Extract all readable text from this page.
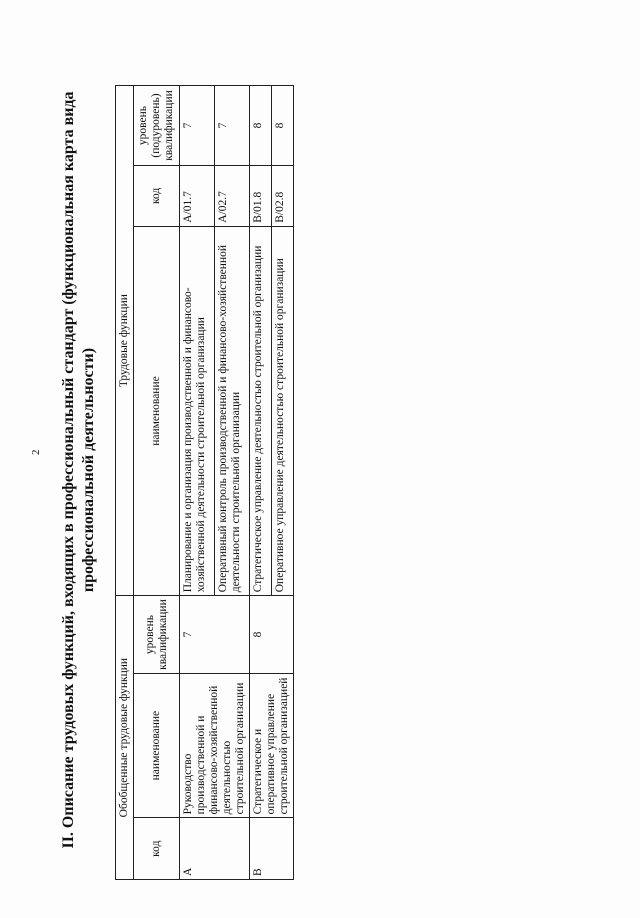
2 II. Описание трудовых функций, входящих в профессиональный стандарт (функциональная карта вида профессиональной деятельности)
Обобщенные трудовые функции			Трудовые функции		
код	наименование	уровень квалификации	наименование	код	уровень (подуровень) квалификации
A	Руководство производственной и финансово-хозяйственной деятельностью строительной организации	7	Планирование и организация производственной и финансово-хозяйственной деятельности строительной организации	A/01.7	7
			Оперативный контроль производственной и финансово-хозяйственной деятельности строительной организации	A/02.7	7
B	Стратегическое и оперативное управление строительной организацией	8	Стратегическое управление деятельностью строительной организации	B/01.8	8
			Оперативное управление деятельностью строительной организации	B/02.8	8
